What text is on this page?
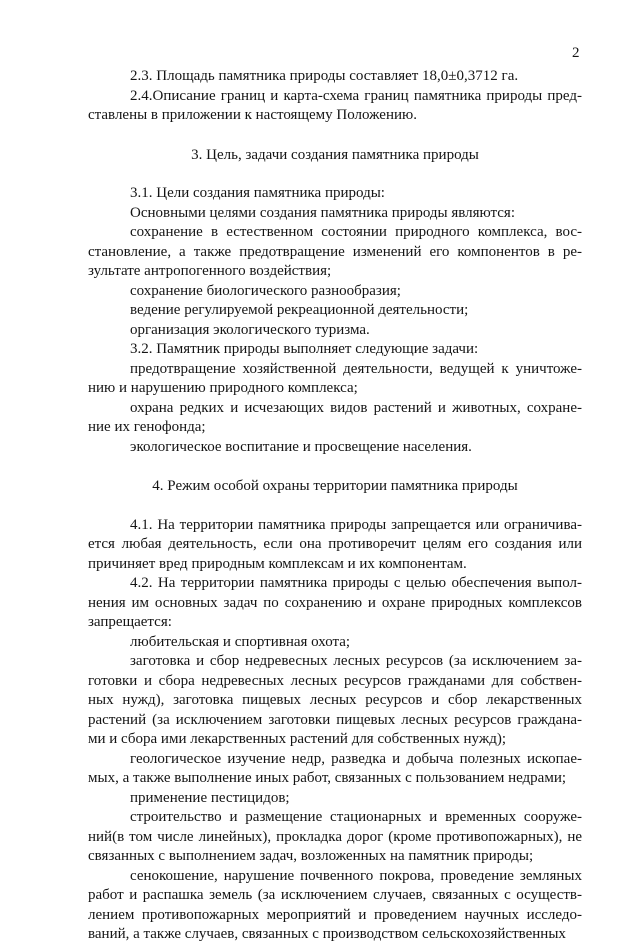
2
2.3. Площадь памятника природы составляет 18,0±0,3712 га.
2.4.Описание границ и карта-схема границ памятника природы пред-
ставлены в приложении к настоящему Положению.
3. Цель, задачи создания памятника природы
3.1. Цели создания памятника природы:
Основными целями создания памятника природы являются:
сохранение в естественном состоянии природного комплекса, вос-
становление, а также предотвращение изменений его компонентов в ре-
зультате антропогенного воздействия;
сохранение биологического разнообразия;
ведение регулируемой рекреационной деятельности;
организация экологического туризма.
3.2. Памятник природы выполняет следующие задачи:
предотвращение хозяйственной деятельности, ведущей к уничтоже-
нию и нарушению природного комплекса;
охрана редких и исчезающих видов растений и животных, сохране-
ние их генофонда;
экологическое воспитание и просвещение населения.
4. Режим особой охраны территории памятника природы
4.1. На территории памятника природы запрещается или ограничива-
ется любая деятельность, если она противоречит целям его создания или
причиняет вред природным комплексам и их компонентам.
4.2. На территории памятника природы с целью обеспечения выпол-
нения им основных задач по сохранению и охране природных комплексов
запрещается:
любительская и спортивная охота;
заготовка и сбор недревесных лесных ресурсов (за исключением за-
готовки и сбора недревесных лесных ресурсов гражданами для собствен-
ных нужд), заготовка пищевых лесных ресурсов и сбор лекарственных
растений (за исключением заготовки пищевых лесных ресурсов граждана-
ми и сбора ими лекарственных растений для собственных нужд);
геологическое изучение недр, разведка и добыча полезных ископае-
мых, а также выполнение иных работ, связанных с пользованием недрами;
применение пестицидов;
строительство и размещение стационарных и временных сооруже-
ний(в том числе линейных), прокладка дорог (кроме противопожарных), не
связанных с выполнением задач, возложенных на памятник природы;
сенокошение, нарушение почвенного покрова, проведение земляных
работ и распашка земель (за исключением случаев, связанных с осуществ-
лением противопожарных мероприятий и проведением научных исследо-
ваний, а также случаев, связанных с производством сельскохозяйственных
